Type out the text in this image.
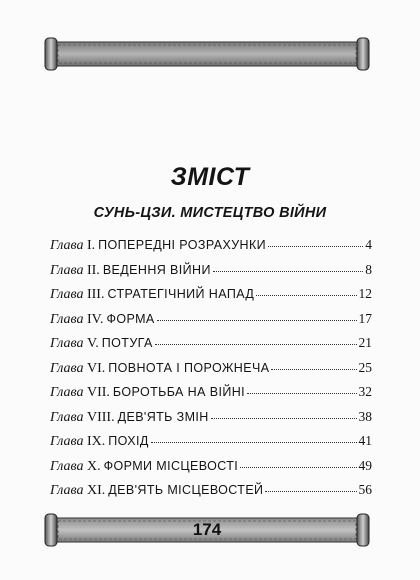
ЗМІСТ
СУНЬ-ЦЗИ. МИСТЕЦТВО ВІЙНИ
Глава I. ПОПЕРЕДНІ РОЗРАХУНКИ	4
Глава II. ВЕДЕННЯ ВІЙНИ	8
Глава III. СТРАТЕГІЧНИЙ НАПАД	12
Глава IV. ФОРМА	17
Глава V. ПОТУГА	21
Глава VI. ПОВНОТА І ПОРОЖНЕЧА	25
Глава VII. БОРОТЬБА НА ВІЙНІ	32
Глава VIII. ДЕВ'ЯТЬ ЗМІН	38
Глава IX. ПОХІД	41
Глава X. ФОРМИ МІСЦЕВОСТІ	49
Глава XI. ДЕВ'ЯТЬ МІСЦЕВОСТЕЙ	56
174
